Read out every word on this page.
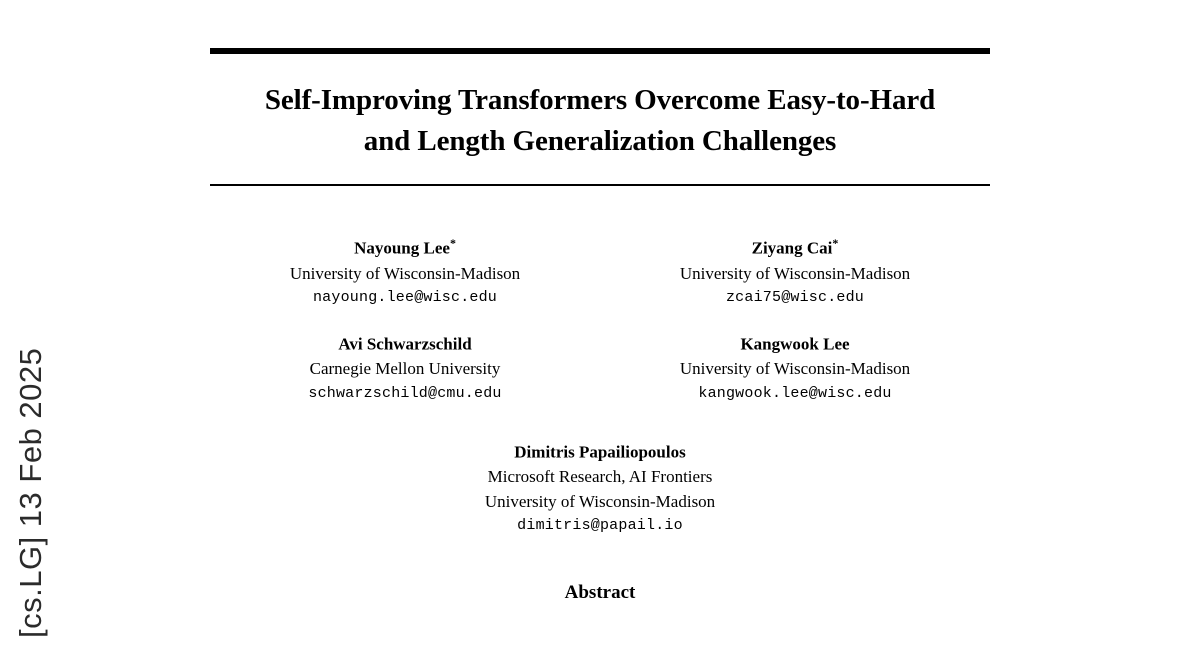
[cs.LG] 13 Feb 2025
Self-Improving Transformers Overcome Easy-to-Hard
and Length Generalization Challenges
Nayoung Lee*
University of Wisconsin-Madison
nayoung.lee@wisc.edu
Ziyang Cai*
University of Wisconsin-Madison
zcai75@wisc.edu
Avi Schwarzschild
Carnegie Mellon University
schwarzschild@cmu.edu
Kangwook Lee
University of Wisconsin-Madison
kangwook.lee@wisc.edu
Dimitris Papailiopoulos
Microsoft Research, AI Frontiers
University of Wisconsin-Madison
dimitris@papail.io
Abstract
